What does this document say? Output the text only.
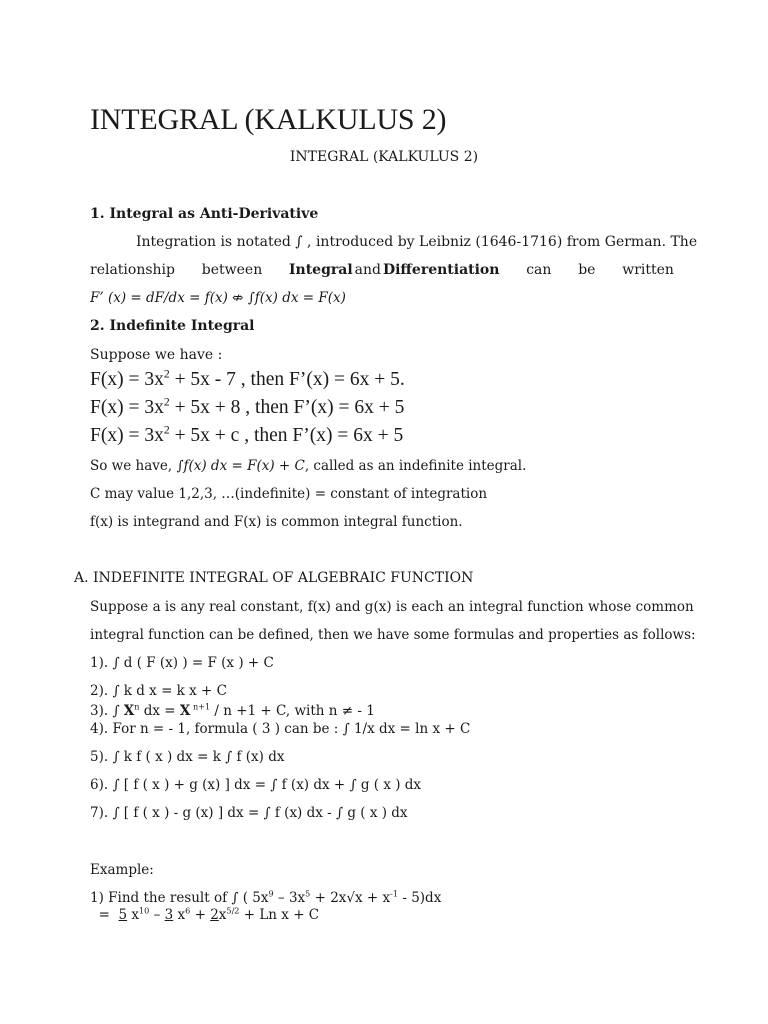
INTEGRAL (KALKULUS 2)
INTEGRAL (KALKULUS 2)
1. Integral as Anti-Derivative
Integration is notated ∫ , introduced by Leibniz (1646-1716) from German. The
relationship between Integral and Differentiation can be written
F’ (x) = dF/dx = f(x) ⇎ ∫f(x) dx = F(x)
2. Indefinite Integral
Suppose we have :
$F(x) = 3x^2 + 5x - 7$ , then F’(x) = 6x + 5.
$F(x) = 3x^2 + 5x + 8$ , then F’(x) = 6x + 5
$F(x) = 3x^2 + 5x + c$ , then F’(x) = 6x + 5
So we have, ∫f(x) dx = F(x) + C, called as an indefinite integral.
C may value 1,2,3, …(indefinite) = constant of integration
f(x) is integrand and F(x) is common integral function.
A. INDEFINITE INTEGRAL OF ALGEBRAIC FUNCTION
Suppose a is any real constant, f(x) and g(x) is each an integral function whose common
integral function can be defined, then we have some formulas and properties as follows:
1). ∫ d ( F (x) ) = F (x ) + C
2). ∫ k d x = k x + C
3). ∫ $X^n$ dx = X $^{n+1}$ / n +1 + C, with n ≠ - 1
4). For n = - 1, formula ( 3 ) can be : ∫ 1/x dx = ln x + C
5). ∫ k f ( x ) dx = k ∫ f (x) dx
6). ∫ [ f ( x ) + g (x) ] dx = ∫ f (x) dx + ∫ g ( x ) dx
7). ∫ [ f ( x ) - g (x) ] dx = ∫ f (x) dx - ∫ g ( x ) dx
Example:
1) Find the result of ∫ ( $5x^9 - 3x^5 + 2x√x + x^{-1} - 5)dx$
=  5 $x^{10} - 3$ $x^6 + 2x^{5/2} + Ln$ x + C
